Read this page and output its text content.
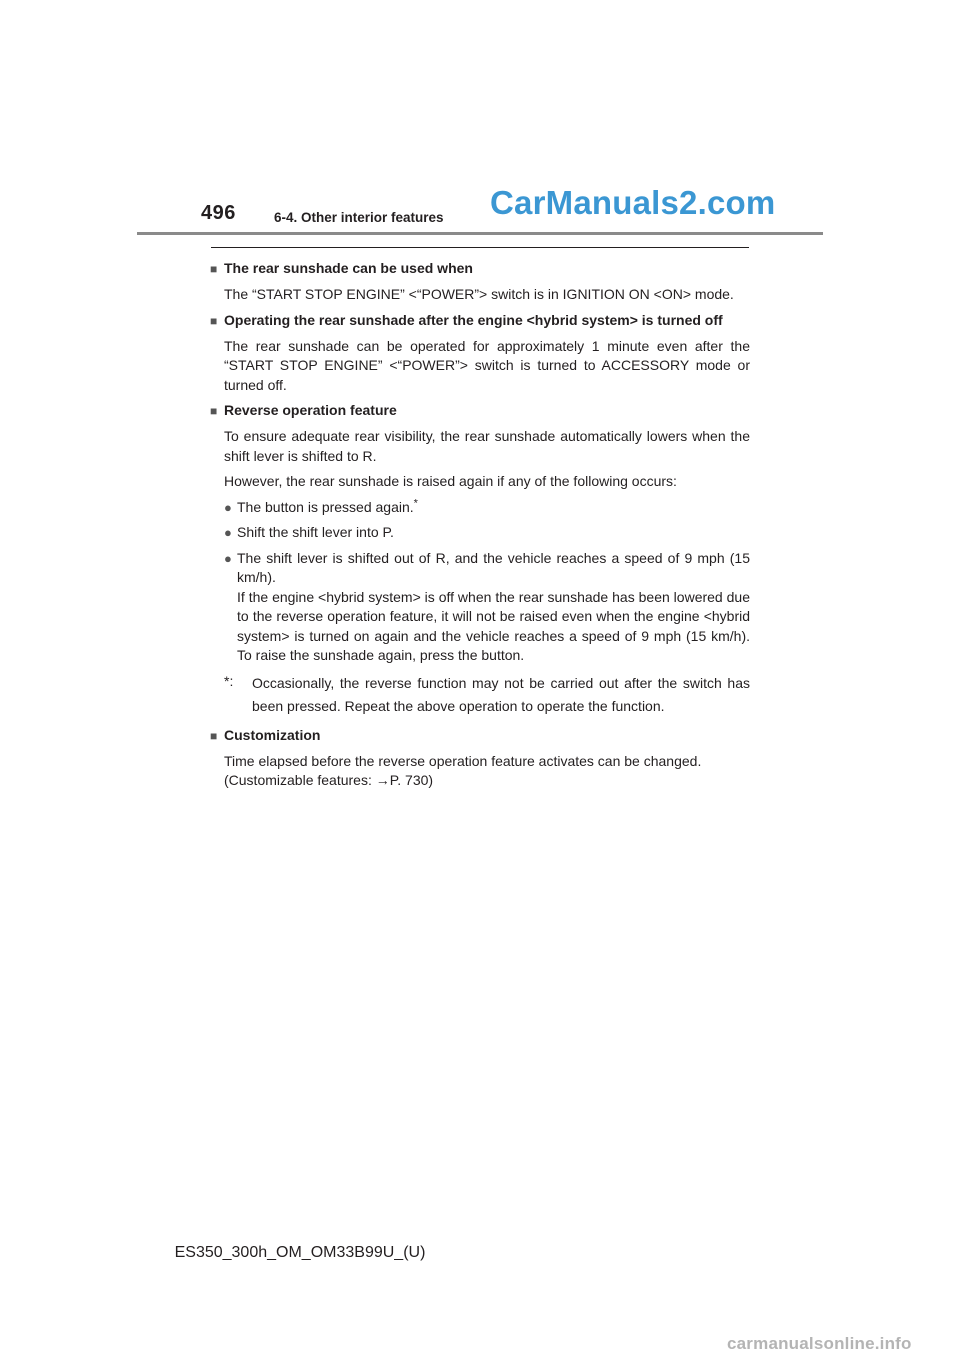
496	6-4. Other interior features CarManuals2.com
■ The rear sunshade can be used when
The “START STOP ENGINE” <“POWER”> switch is in IGNITION ON <ON> mode.
■ Operating the rear sunshade after the engine <hybrid system> is turned off
The rear sunshade can be operated for approximately 1 minute even after the “START STOP ENGINE” <“POWER”> switch is turned to ACCESSORY mode or turned off.
■ Reverse operation feature
To ensure adequate rear visibility, the rear sunshade automatically lowers when the shift lever is shifted to R.
However, the rear sunshade is raised again if any of the following occurs:
● The button is pressed again.*
● Shift the shift lever into P.
● The shift lever is shifted out of R, and the vehicle reaches a speed of 9 mph (15 km/h).
If the engine <hybrid system> is off when the rear sunshade has been lowered due to the reverse operation feature, it will not be raised even when the engine <hybrid system> is turned on again and the vehicle reaches a speed of 9 mph (15 km/h). To raise the sunshade again, press the button.
*:	Occasionally, the reverse function may not be carried out after the switch has been pressed. Repeat the above operation to operate the function.
■ Customization
Time elapsed before the reverse operation feature activates can be changed.
(Customizable features: →P. 730)
ES350_300h_OM_OM33B99U_(U)
carmanualsonline.info
